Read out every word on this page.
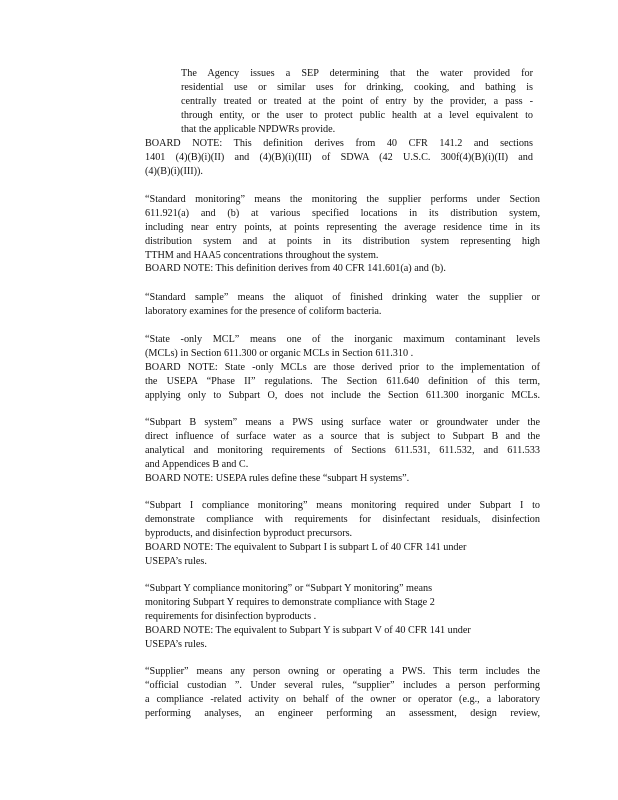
The Agency issues a SEP determining that the water provided for
residential use or similar uses for drinking, cooking, and bathing is
centrally treated or treated at the point of entry by the provider, a pass -
through entity, or the user to protect public health at a level equivalent to
that the applicable NPDWRs provide.
BOARD NOTE: This definition derives from 40 CFR 141.2 and sections
1401 (4)(B)(i)(II) and (4)(B)(i)(III) of SDWA (42 U.S.C. 300f(4)(B)(i)(II) and
(4)(B)(i)(III)).
“Standard monitoring” means the monitoring the supplier performs under Section
611.921(a) and (b) at various specified locations in its distribution system,
including near entry points, at points representing the average residence time in its
distribution system and at points in its distribution system representing high
TTHM and HAA5 concentrations throughout the system.
BOARD NOTE: This definition derives from 40 CFR 141.601(a) and (b).
“Standard sample” means the aliquot of finished drinking water the supplier or
laboratory examines for the presence of coliform bacteria.
“State -only MCL” means one of the inorganic maximum contaminant levels
(MCLs) in Section 611.300 or organic MCLs in Section 611.310 .
BOARD NOTE: State -only MCLs are those derived prior to the implementation of
the USEPA “Phase II” regulations. The Section 611.640 definition of this term,
applying only to Subpart O, does not include the Section 611.300 inorganic MCLs.
“Subpart B system” means a PWS using surface water or groundwater under the
direct influence of surface water as a source that is subject to Subpart B and the
analytical and monitoring requirements of Sections 611.531, 611.532, and 611.533
and Appendices B and C.
BOARD NOTE: USEPA rules define these “subpart H systems”.
“Subpart I compliance monitoring” means monitoring required under Subpart I to
demonstrate compliance with requirements for disinfectant residuals, disinfection
byproducts, and disinfection byproduct precursors.
BOARD NOTE: The equivalent to Subpart I is subpart L of 40 CFR 141 under
USEPA’s rules.
“Subpart Y compliance monitoring” or “Subpart Y monitoring” means
monitoring Subpart Y requires to demonstrate compliance with Stage 2
requirements for disinfection byproducts .
BOARD NOTE: The equivalent to Subpart Y is subpart V of 40 CFR 141 under
USEPA’s rules.
“Supplier” means any person owning or operating a PWS. This term includes the
“official custodian ”. Under several rules, “supplier” includes a person performing
a compliance -related activity on behalf of the owner or operator (e.g., a laboratory
performing analyses, an engineer performing an assessment, design review,
